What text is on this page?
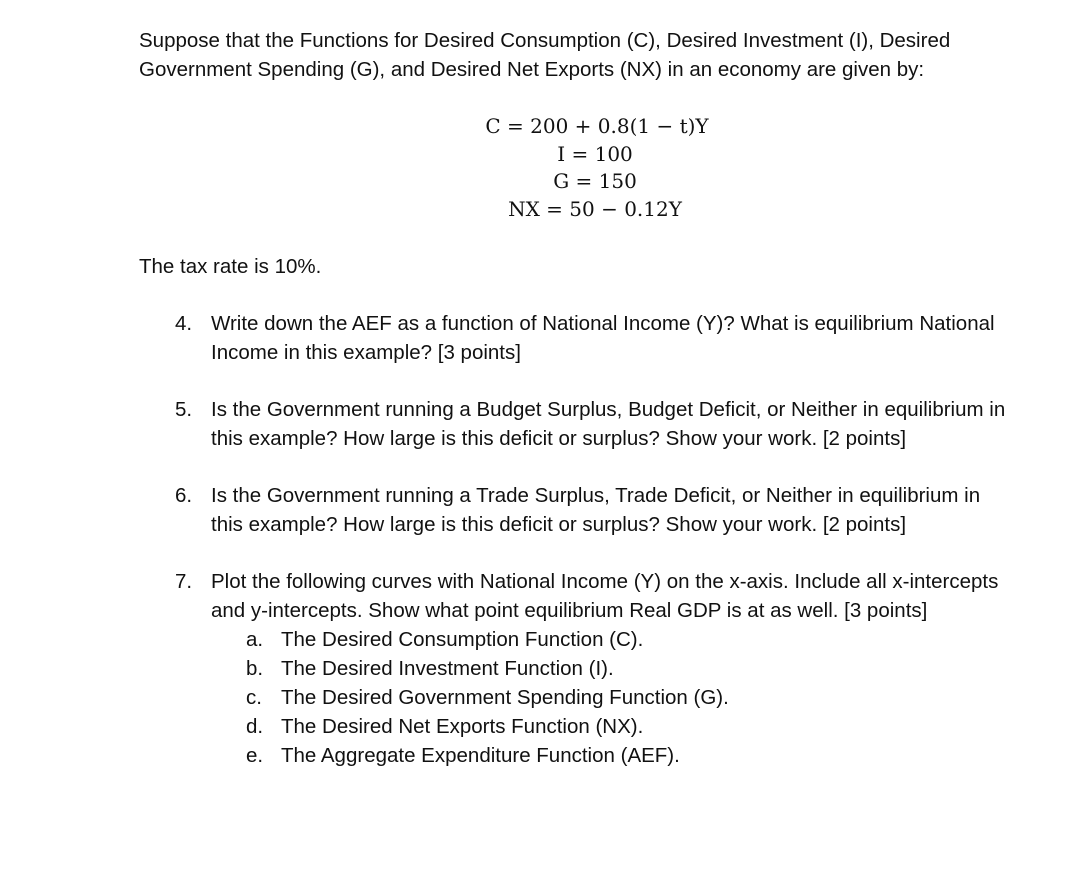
Suppose that the Functions for Desired Consumption (C), Desired Investment (I), Desired

Government Spending (G), and Desired Net Exports (NX) in an economy are given by:

C = 200 + 0.8(1 − t)Y
I = 100
G = 150
NX = 50 − 0.12Y
The tax rate is 10%.
4. Write down the AEF as a function of National Income (Y)? What is equilibrium National
Income in this example? [3 points]
5. Is the Government running a Budget Surplus, Budget Deficit, or Neither in equilibrium in
this example? How large is this deficit or surplus? Show your work. [2 points]
6. Is the Government running a Trade Surplus, Trade Deficit, or Neither in equilibrium in
this example? How large is this deficit or surplus? Show your work. [2 points]
7. Plot the following curves with National Income (Y) on the x-axis. Include all x-intercepts
and y-intercepts. Show what point equilibrium Real GDP is at as well. [3 points]
a. The Desired Consumption Function (C).
b. The Desired Investment Function (I).
c. The Desired Government Spending Function (G).
d. The Desired Net Exports Function (NX).
e. The Aggregate Expenditure Function (AEF).
